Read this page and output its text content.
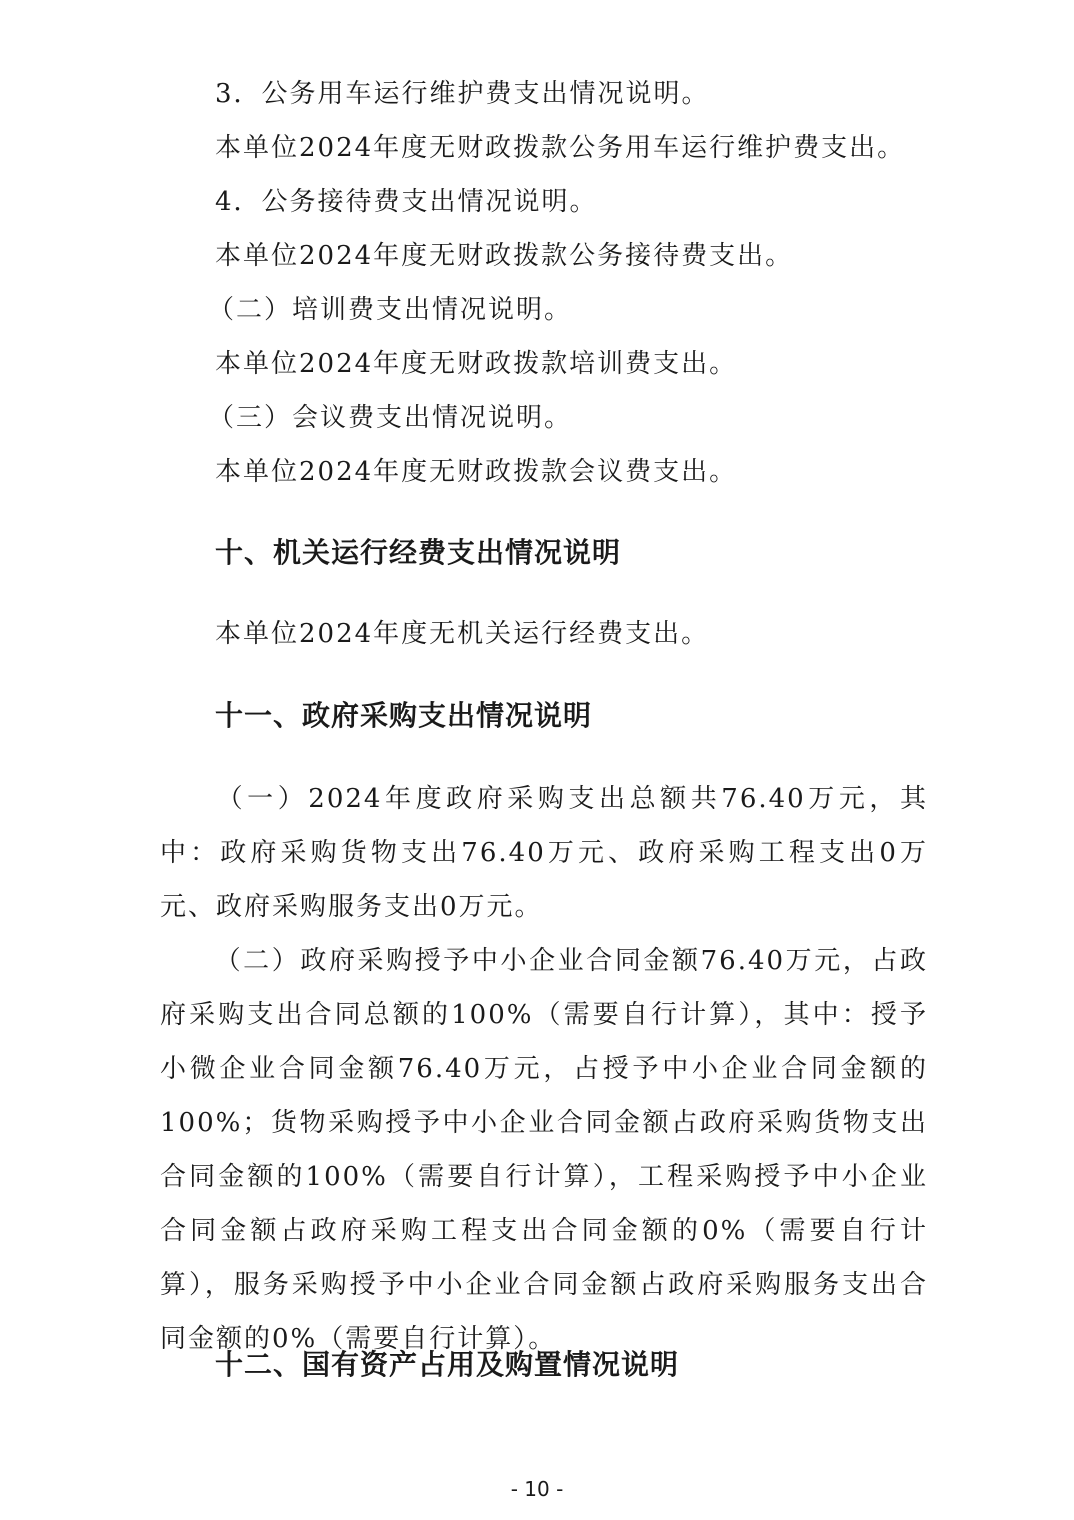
3．公务用车运行维护费支出情况说明。
本单位2024年度无财政拨款公务用车运行维护费支出。
4．公务接待费支出情况说明。
本单位2024年度无财政拨款公务接待费支出。
（二）培训费支出情况说明。
本单位2024年度无财政拨款培训费支出。
（三）会议费支出情况说明。
本单位2024年度无财政拨款会议费支出。
十、机关运行经费支出情况说明
本单位2024年度无机关运行经费支出。
十一、政府采购支出情况说明
（一）2024年度政府采购支出总额共76.40万元，其中：政府采购货物支出76.40万元、政府采购工程支出0万元、政府采购服务支出0万元。
（二）政府采购授予中小企业合同金额76.40万元，占政府采购支出合同总额的100%（需要自行计算），其中：授予小微企业合同金额76.40万元，占授予中小企业合同金额的100%；货物采购授予中小企业合同金额占政府采购货物支出合同金额的100%（需要自行计算），工程采购授予中小企业合同金额占政府采购工程支出合同金额的0%（需要自行计算），服务采购授予中小企业合同金额占政府采购服务支出合同金额的0%（需要自行计算）。
十二、国有资产占用及购置情况说明
- 10 -
